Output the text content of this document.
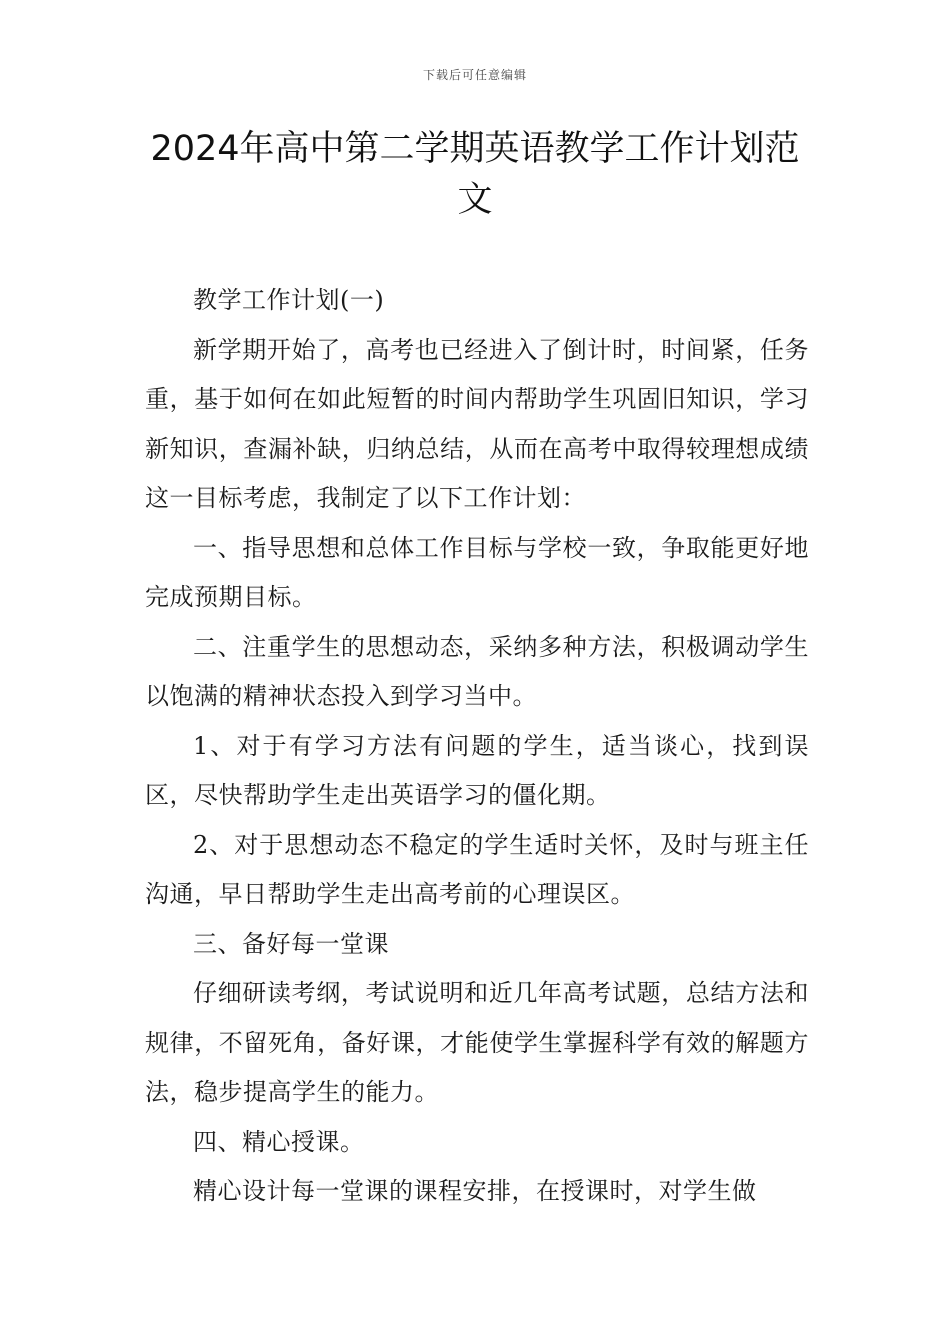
下载后可任意编辑
2024年高中第二学期英语教学工作计划范文

教学工作计划(一)

新学期开始了，高考也已经进入了倒计时，时间紧，任务重，基于如何在如此短暂的时间内帮助学生巩固旧知识，学习新知识，查漏补缺，归纳总结，从而在高考中取得较理想成绩这一目标考虑，我制定了以下工作计划：

一、指导思想和总体工作目标与学校一致，争取能更好地完成预期目标。

二、注重学生的思想动态，采纳多种方法，积极调动学生以饱满的精神状态投入到学习当中。

1、对于有学习方法有问题的学生，适当谈心，找到误区，尽快帮助学生走出英语学习的僵化期。

2、对于思想动态不稳定的学生适时关怀，及时与班主任沟通，早日帮助学生走出高考前的心理误区。

三、备好每一堂课

仔细研读考纲，考试说明和近几年高考试题，总结方法和规律，不留死角，备好课，才能使学生掌握科学有效的解题方法，稳步提高学生的能力。

四、精心授课。

精心设计每一堂课的课程安排，在授课时，对学生做
